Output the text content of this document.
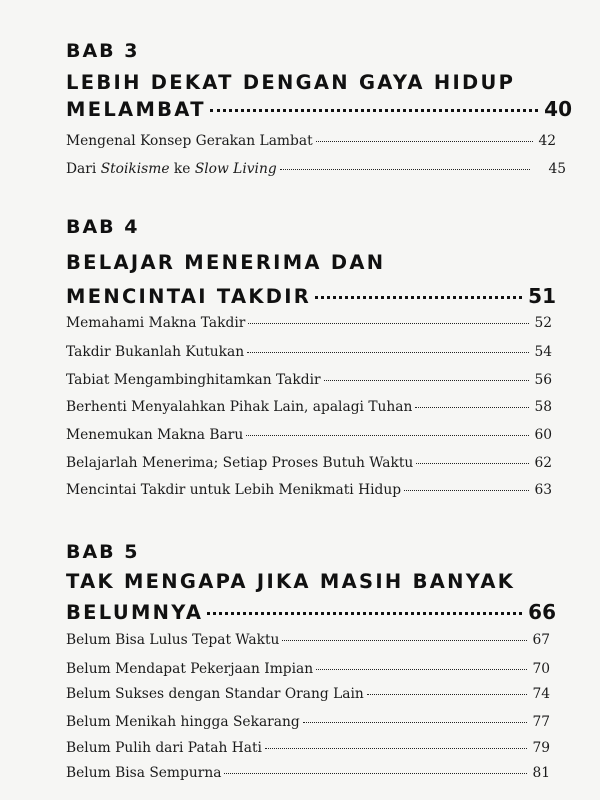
BAB 3
LEBIH DEKAT DENGAN GAYA HIDUP
MELAMBAT	40
Mengenal Konsep Gerakan Lambat	42
Dari Stoikisme ke Slow Living	45
BAB 4
BELAJAR MENERIMA DAN
MENCINTAI TAKDIR	51
Memahami Makna Takdir	52
Takdir Bukanlah Kutukan	54
Tabiat Mengambinghitamkan Takdir	56
Berhenti Menyalahkan Pihak Lain, apalagi Tuhan	58
Menemukan Makna Baru	60
Belajarlah Menerima; Setiap Proses Butuh Waktu	62
Mencintai Takdir untuk Lebih Menikmati Hidup	63
BAB 5
TAK MENGAPA JIKA MASIH BANYAK
BELUMNYA	66
Belum Bisa Lulus Tepat Waktu	67
Belum Mendapat Pekerjaan Impian	70
Belum Sukses dengan Standar Orang Lain	74
Belum Menikah hingga Sekarang	77
Belum Pulih dari Patah Hati	79
Belum Bisa Sempurna	81
